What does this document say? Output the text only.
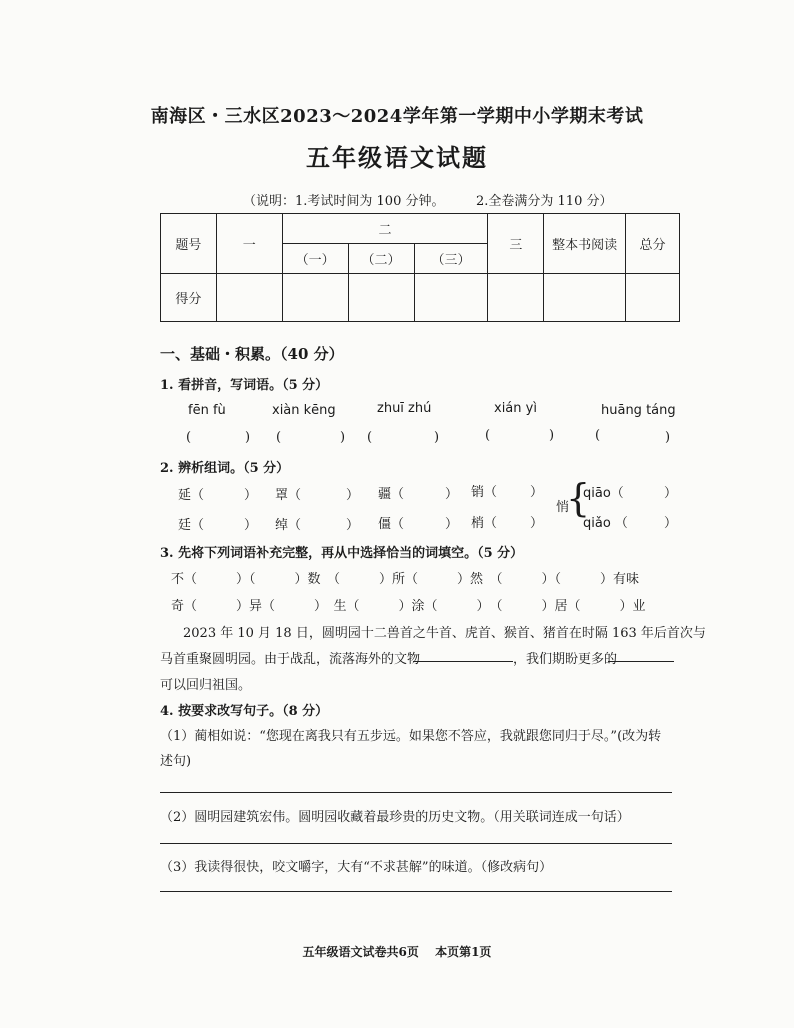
南海区・三水区2023～2024学年第一学期中小学期末考试
五年级语文试题
（说明：1.考试时间为 100 分钟。 2.全卷满分为 110 分）
题号	一	二			三	整本书阅读	总分
		（一）	（二）	（三）			
得分							
一、基础・积累。（40 分）
1. 看拼音，写词语。（5 分）
fēn fù	xiàn kēng	zhuī zhú	xián yì	huāng táng
(	) (	) (	)	(	)	(	)
2. 辨析组词。（5 分）
延（	） 罩（	） 疆（	） 销（	）
廷（	） 绰（	） 僵（	） 梢（	）
悄
{
qiāo（	）
qiǎo （	）
3. 先将下列词语补充完整，再从中选择恰当的词填空。（5 分）
不（　　　）（　　　）数　（　　　）所（　　　）然　（　　　）（　　　）有味
奇（　　　）异（　　　）　生（　　　）涂（　　　）　（　　　）居（　　　）业
2023 年 10 月 18 日，圆明园十二兽首之牛首、虎首、猴首、猪首在时隔 163 年后首次与
马首重聚圆明园。由于战乱，流落海外的文物	，我们期盼更多的
可以回归祖国。
4. 按要求改写句子。（8 分）
（1）蔺相如说：“您现在离我只有五步远。如果您不答应，我就跟您同归于尽。”(改为转
述句)
（2）圆明园建筑宏伟。圆明园收藏着最珍贵的历史文物。（用关联词连成一句话）
（3）我读得很快，咬文嚼字，大有“不求甚解”的味道。（修改病句）
五年级语文试卷共6页　 本页第1页
